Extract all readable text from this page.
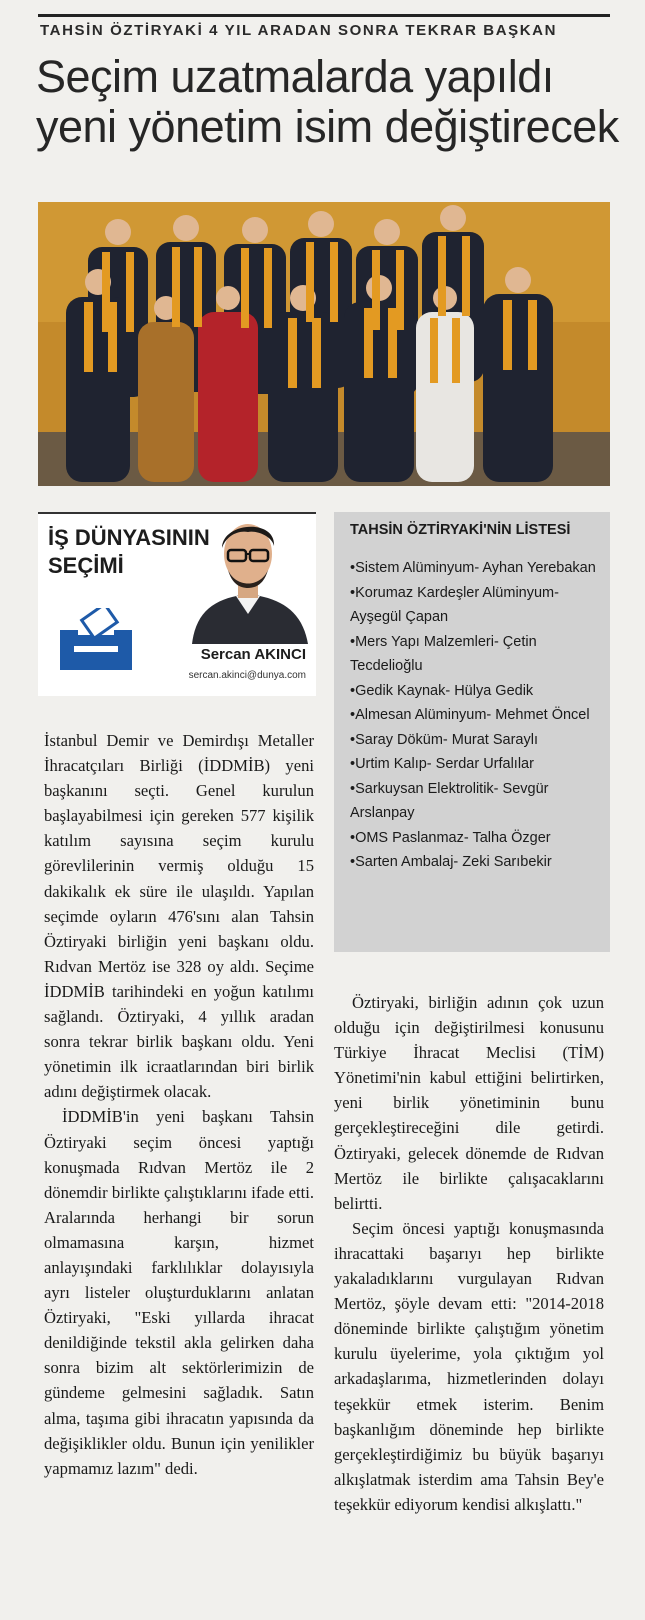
TAHSİN ÖZTİRYAKİ 4 YIL ARADAN SONRA TEKRAR BAŞKAN
Seçim uzatmalarda yapıldı
yeni yönetim isim değiştirecek
İŞ DÜNYASININ
SEÇİMİ
Sercan AKINCI
sercan.akinci@dunya.com
TAHSİN ÖZTİRYAKİ'NİN LİSTESİ
• Sistem Alüminyum- Ayhan Yerebakan
• Korumaz Kardeşler Alüminyum- Ayşegül Çapan
• Mers Yapı Malzemleri- Çetin Tecdelioğlu
• Gedik Kaynak- Hülya Gedik
• Almesan Alüminyum- Mehmet Öncel
• Saray Döküm- Murat Saraylı
• Urtim Kalıp- Serdar Urfalılar
• Sarkuysan Elektrolitik- Sevgür Arslanpay
• OMS Paslanmaz- Talha Özger
• Sarten Ambalaj- Zeki Sarıbekir

İstanbul Demir ve Demirdışı Metaller İhracatçıları Birliği (İDDMİB) yeni başkanını seçti. Genel kurulun başlayabilmesi için gereken 577 kişilik katılım sayısına seçim kurulu görevlilerinin vermiş olduğu 15 dakikalık ek süre ile ulaşıldı. Yapılan seçimde oyların 476'sını alan Tahsin Öztiryaki birliğin yeni başkanı oldu. Rıdvan Mertöz ise 328 oy aldı. Seçime İDDMİB tarihindeki en yoğun katılımı sağlandı. Öztiryaki, 4 yıllık aradan sonra tekrar birlik başkanı oldu. Yeni yönetimin ilk icraatlarından biri birlik adını değiştirmek olacak.

İDDMİB'in yeni başkanı Tahsin Öztiryaki seçim öncesi yaptığı konuşmada Rıdvan Mertöz ile 2 dönemdir birlikte çalıştıklarını ifade etti. Aralarında herhangi bir sorun olmamasına karşın, hizmet anlayışındaki farklılıklar dolayısıyla ayrı listeler oluşturduklarını anlatan Öztiryaki, "Eski yıllarda ihracat denildiğinde tekstil akla gelirken daha sonra bizim alt sektörlerimizin de gündeme gelmesini sağladık. Satın alma, taşıma gibi ihracatın yapısında da değişiklikler oldu. Bunun için yenilikler yapmamız lazım" dedi.

Öztiryaki, birliğin adının çok uzun olduğu için değiştirilmesi konusunu Türkiye İhracat Meclisi (TİM) Yönetimi'nin kabul ettiğini belirtirken, yeni birlik yönetiminin bunu gerçekleştireceğini dile getirdi. Öztiryaki, gelecek dönemde de Rıdvan Mertöz ile birlikte çalışacaklarını belirtti.

Seçim öncesi yaptığı konuşmasında ihracattaki başarıyı hep birlikte yakaladıklarını vurgulayan Rıdvan Mertöz, şöyle devam etti: "2014-2018 döneminde birlikte çalıştığım yönetim kurulu üyelerime, yola çıktığım yol arkadaşlarıma, hizmetlerinden dolayı teşekkür etmek isterim. Benim başkanlığım döneminde hep birlikte gerçekleştirdiğimiz bu büyük başarıyı alkışlatmak isterdim ama Tahsin Bey'e teşekkür ediyorum kendisi alkışlattı."
